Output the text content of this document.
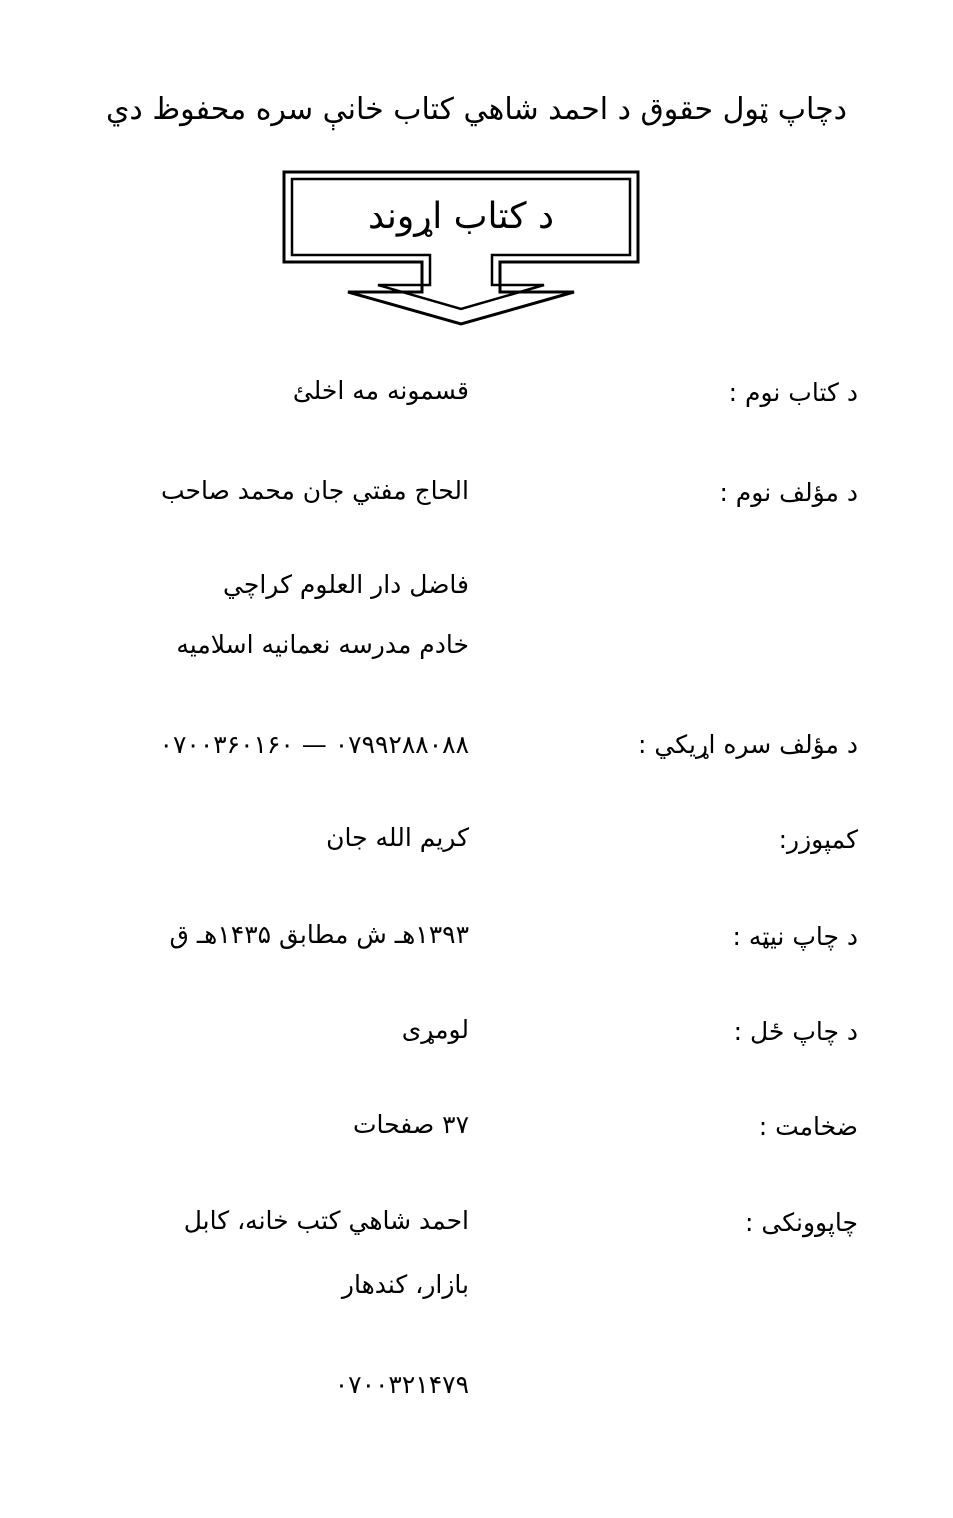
دچاپ ټول حقوق د احمد شاهي کتاب خانې سره محفوظ دي
د کتاب اړوند
د کتاب نوم :
قسمونه مه اخلئ
د مؤلف نوم :
الحاج مفتي جان محمد صاحب
فاضل دار العلوم کراچي
خادم مدرسه نعمانیه اسلامیه
د مؤلف سره اړیکي :
۰۷۹۹۲۸۸۰۸۸ — ۰۷۰۰۳۶۰۱۶۰
کمپوزر:
کریم الله جان
د چاپ نیټه :
۱۳۹۳هـ ش مطابق ۱۴۳۵هـ ق
د چاپ ځل :
لومړی
ضخامت :
۳۷ صفحات
چاپوونکی :
احمد شاهي کتب خانه، کابل
بازار، کندهار
۰۷۰۰۳۲۱۴۷۹
